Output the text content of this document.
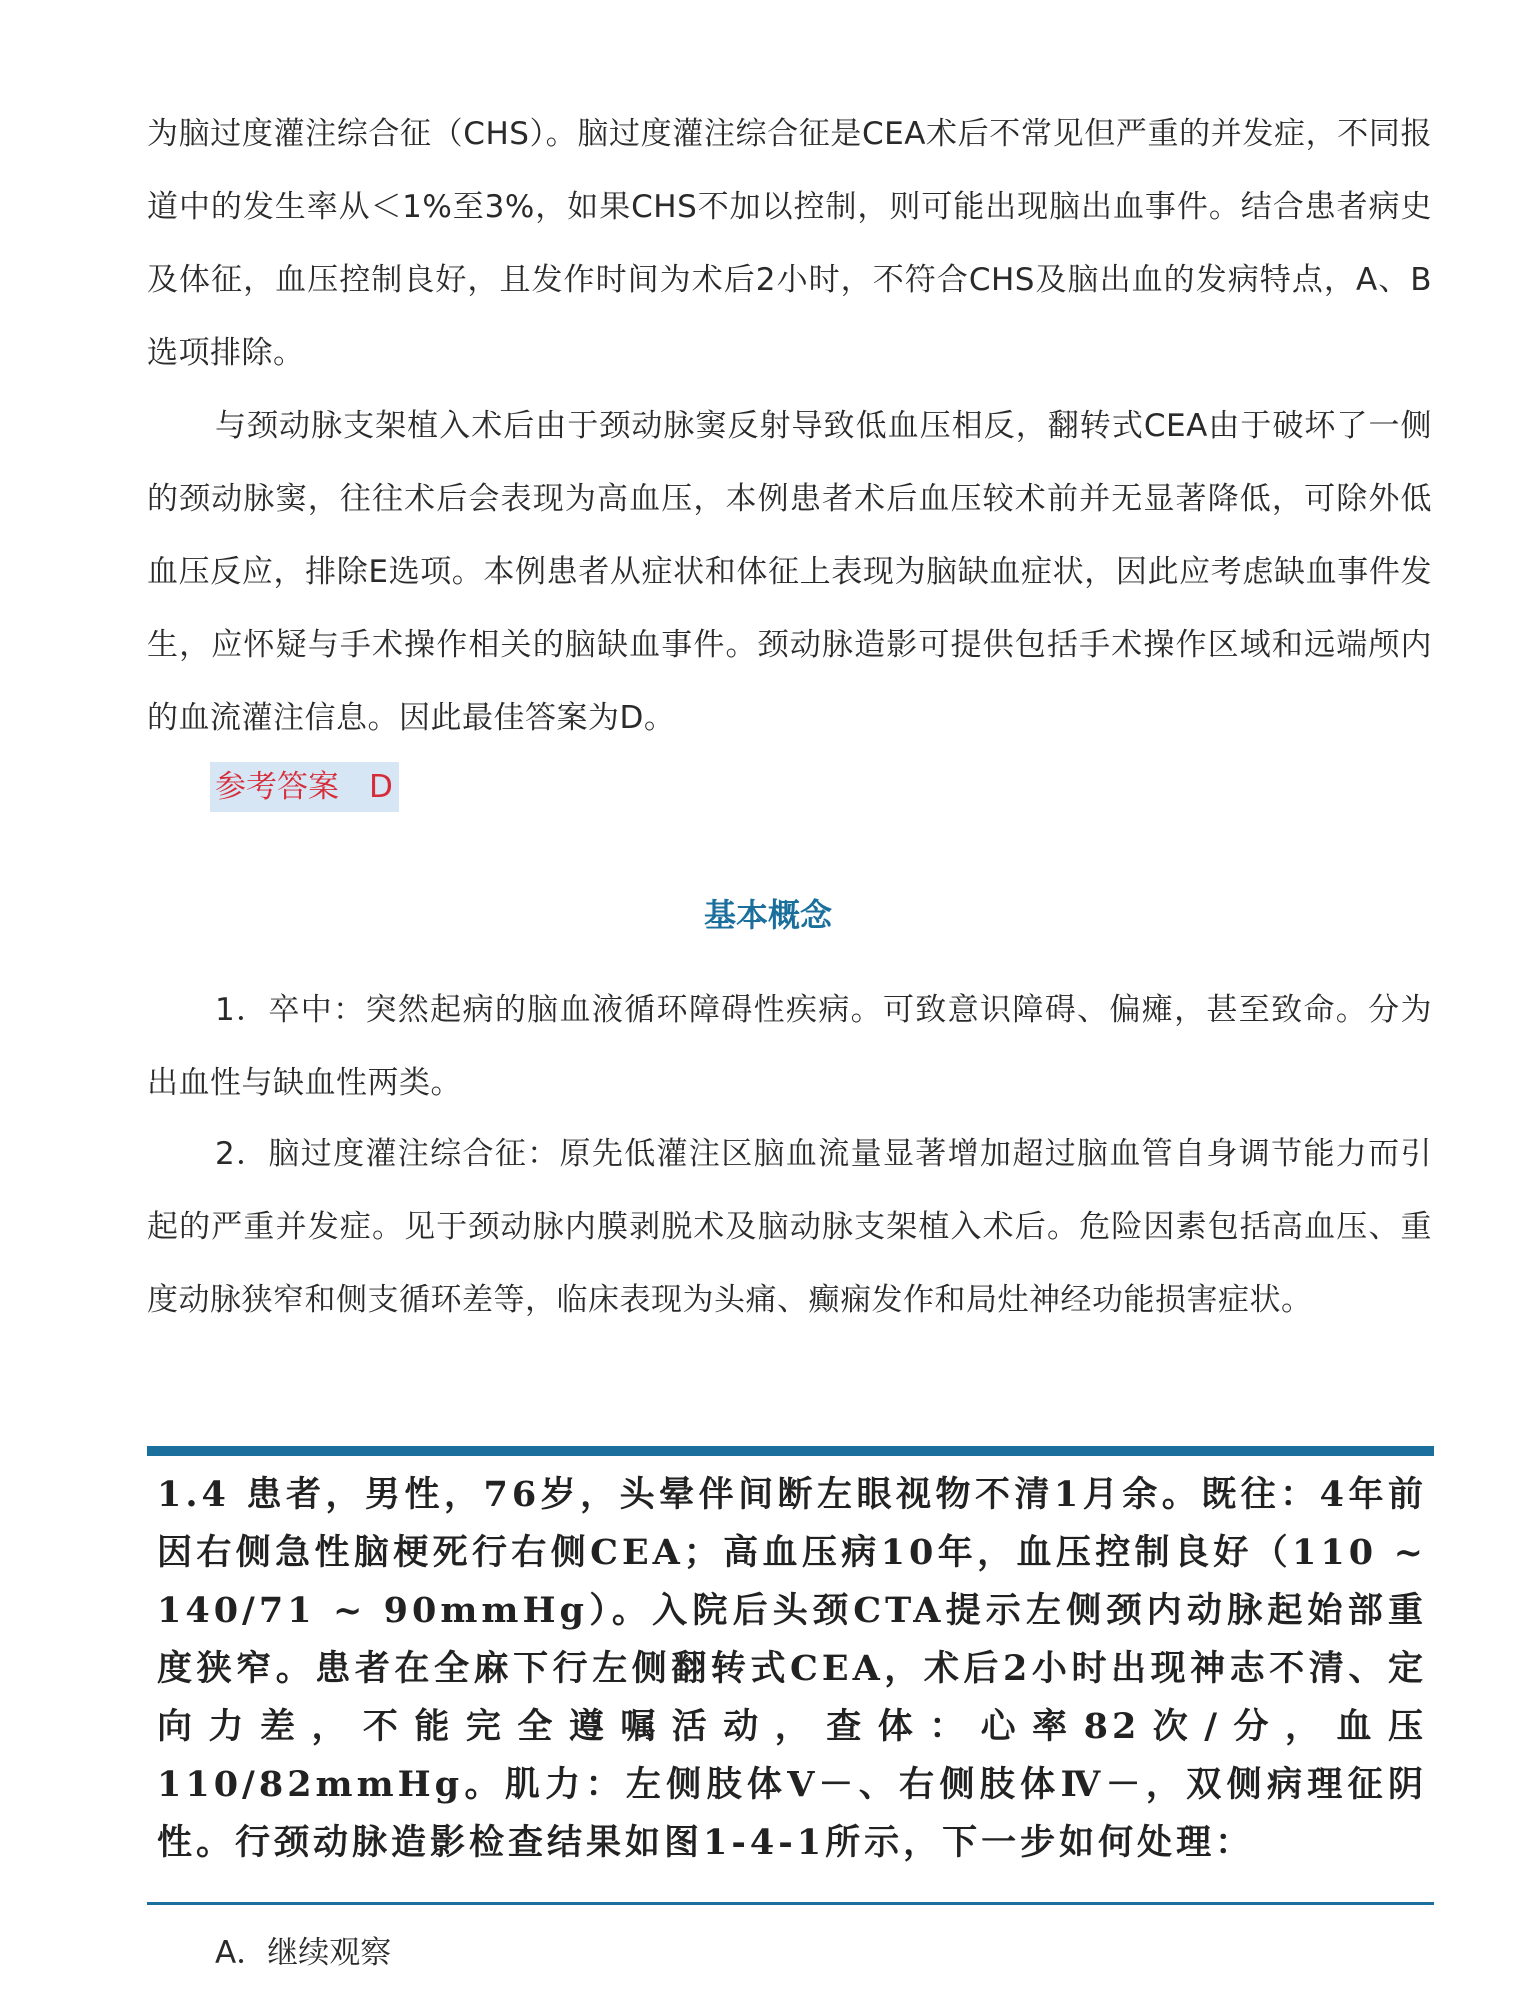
为脑过度灌注综合征（CHS）。脑过度灌注综合征是CEA术后不常见但严重的并发症，不同报道中的发生率从＜1%至3%，如果CHS不加以控制，则可能出现脑出血事件。结合患者病史及体征，血压控制良好，且发作时间为术后2小时，不符合CHS及脑出血的发病特点，A、B选项排除。

与颈动脉支架植入术后由于颈动脉窦反射导致低血压相反，翻转式CEA由于破坏了一侧的颈动脉窦，往往术后会表现为高血压，本例患者术后血压较术前并无显著降低，可除外低血压反应，排除E选项。本例患者从症状和体征上表现为脑缺血症状，因此应考虑缺血事件发生，应怀疑与手术操作相关的脑缺血事件。颈动脉造影可提供包括手术操作区域和远端颅内的血流灌注信息。因此最佳答案为D。

参考答案 D
基本概念

1．卒中：突然起病的脑血液循环障碍性疾病。可致意识障碍、偏瘫，甚至致命。分为出血性与缺血性两类。

2．脑过度灌注综合征：原先低灌注区脑血流量显著增加超过脑血管自身调节能力而引起的严重并发症。见于颈动脉内膜剥脱术及脑动脉支架植入术后。危险因素包括高血压、重度动脉狭窄和侧支循环差等，临床表现为头痛、癫痫发作和局灶神经功能损害症状。

1.4 患者，男性，76岁，头晕伴间断左眼视物不清1月余。既往：4年前因右侧急性脑梗死行右侧CEA；高血压病10年，血压控制良好（110 ~ 140/71 ~ 90mmHg）。入院后头颈CTA提示左侧颈内动脉起始部重度狭窄。患者在全麻下行左侧翻转式CEA，术后2小时出现神志不清、定向力差，不能完全遵嘱活动，查体：心率82次/分，血压110/82mmHg。肌力：左侧肢体V－、右侧肢体Ⅳ－，双侧病理征阴性。行颈动脉造影检查结果如图1-4-1所示，下一步如何处理：

A．继续观察
